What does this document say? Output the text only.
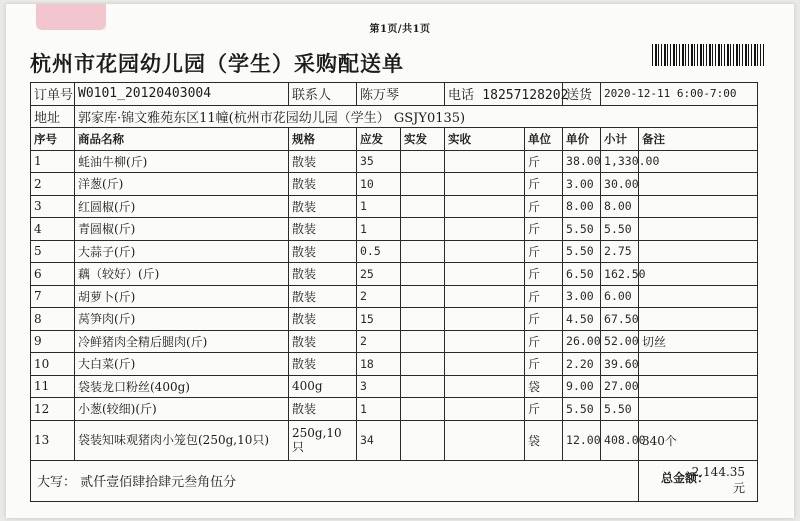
第1页/共1页
杭州市花园幼儿园（学生）采购配送单
订单号	W0101_20120403004	联系人	陈万琴		电话 18257128202		送货	2020-12-11 6:00-7:00	
地址	郭家库·锦文雅苑东区11幢(杭州市花园幼儿园（学生） GSJY0135)								
序号	商品名称	规格	应发	实发	实收	单位	单价	小计	备注
1	蚝油牛柳(斤)	散装	35			斤	38.00	1,330.00	
2	洋葱(斤)	散装	10			斤	3.00	30.00	
3	红圆椒(斤)	散装	1			斤	8.00	8.00	
4	青圆椒(斤)	散装	1			斤	5.50	5.50	
5	大蒜子(斤)	散装	0.5			斤	5.50	2.75	
6	藕（较好）(斤)	散装	25			斤	6.50	162.50	
7	胡萝卜(斤)	散装	2			斤	3.00	6.00	
8	莴笋肉(斤)	散装	15			斤	4.50	67.50	
9	冷鲜猪肉全精后腿肉(斤)	散装	2			斤	26.00	52.00	切丝
10	大白菜(斤)	散装	18			斤	2.20	39.60	
11	袋装龙口粉丝(400g)	400g	3			袋	9.00	27.00	
12	小葱(较细)(斤)	散装	1			斤	5.50	5.50	
13	袋装知味观猪肉小笼包(250g,10只)	250g,10只	34			袋	12.00	408.00	340个
大写： 贰仟壹佰肆拾肆元叁角伍分									总金额：
2,144.35
元
